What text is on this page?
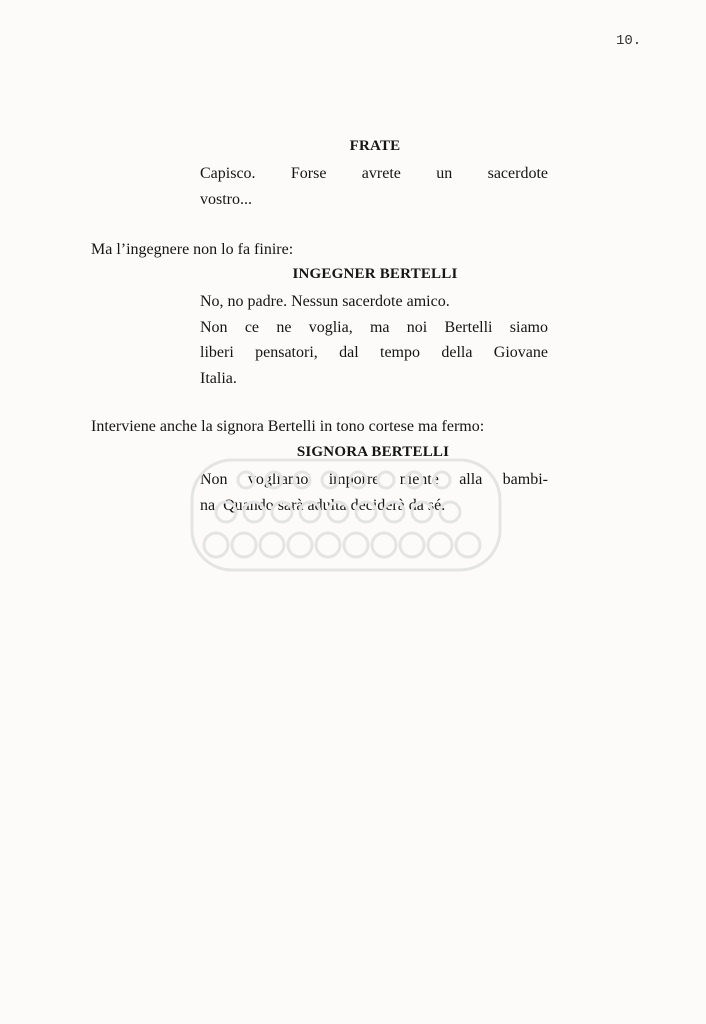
10.
FRATE
Capisco. Forse avrete un sacerdote
vostro...
Ma l’ingegnere non lo fa finire:
INGEGNER BERTELLI
No, no padre. Nessun sacerdote amico.
Non ce ne voglia, ma noi Bertelli siamo
liberi pensatori, dal tempo della Giovane
Italia.
Interviene anche la signora Bertelli in tono cortese ma fermo:
SIGNORA BERTELLI
Non vogliamo imporre niente alla bambi-
na. Quando sarà adulta deciderà da sé.
